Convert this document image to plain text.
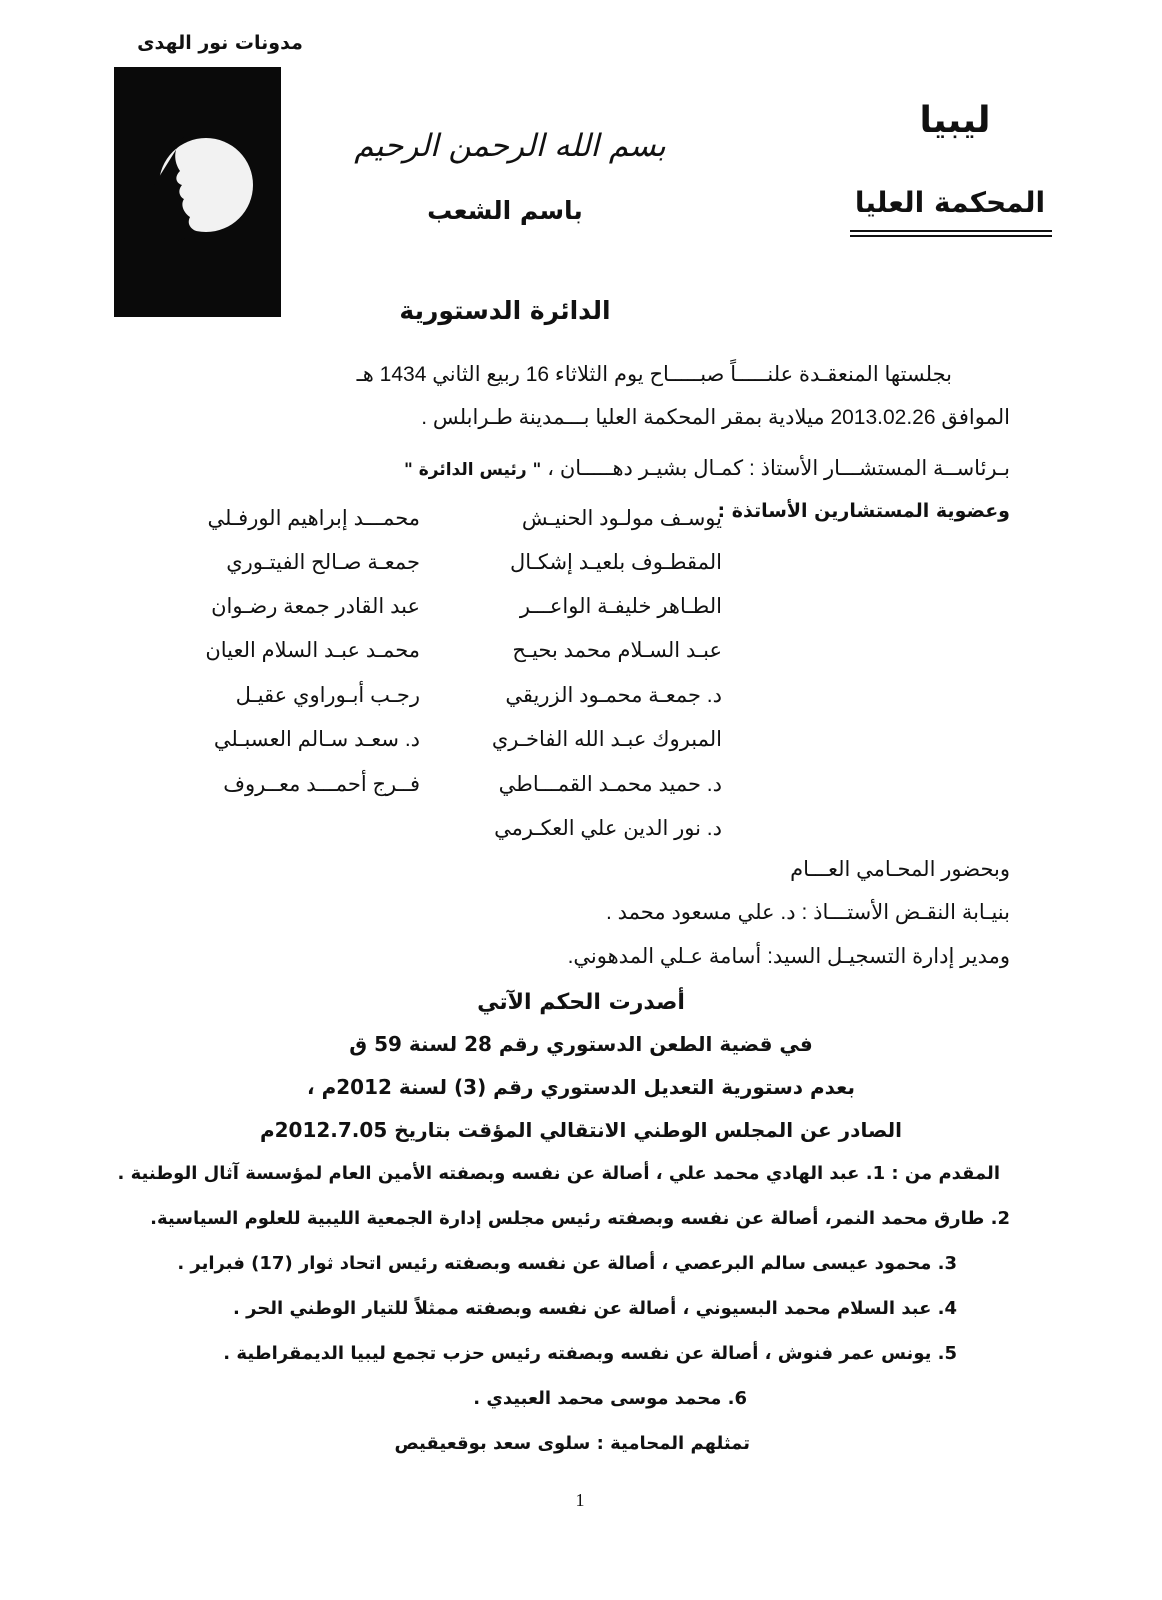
مدونات نور الهدى
بسم الله الرحمن الرحيم
باسم الشعب
ليبيا
المحكمة العليا
الدائرة الدستورية
بجلستها المنعقـدة علنـــــاً صبـــــاح يوم الثلاثاء 16 ربيع الثاني 1434 هـ
الموافق 2013.02.26 ميلادية بمقر المحكمة العليا بـــمدينة طـرابلس .
بـرئاســة المستشـــار الأستاذ : كمـال بشيـر دهـــــان ، " رئيس الدائرة "
وعضوية المستشارين الأساتذة :
يوسـف مولـود الحنيـش
المقطـوف بلعيـد إشكـال
الطـاهر خليفـة الواعـــر
عبـد السـلام محمد بحيـح
د. جمعـة محمـود الزريقي
المبروك عبـد الله الفاخـري
د. حميد محمـد القمـــاطي
د. نور الدين علي العكـرمي
محمـــد إبراهيم الورفـلي
جمعـة صـالح الفيتـوري
عبد القادر جمعة رضـوان
محمـد عبـد السلام العيان
رجـب أبـوراوي عقيـل
د. سعـد سـالم العسبـلي
فــرج أحمـــد معــروف
وبحضور المحـامي العـــام
بنيـابة النقـض الأستـــاذ : د. علي مسعود محمد .
ومدير إدارة التسجيـل السيد: أسامة عـلي المدهوني.
أصدرت الحكم الآتي
في قضية الطعن الدستوري رقم 28 لسنة 59 ق
بعدم دستورية التعديل الدستوري رقم (3) لسنة 2012م ،
الصادر عن المجلس الوطني الانتقالي المؤقت بتاريخ 2012.7.05م
المقدم من : 1. عبد الهادي محمد علي ، أصالة عن نفسه وبصفته الأمين العام لمؤسسة آثال الوطنية .
2. طارق محمد النمر، أصالة عن نفسه وبصفته رئيس مجلس إدارة الجمعية الليبية للعلوم السياسية.
3. محمود عيسى سالم البرعصي ، أصالة عن نفسه وبصفته رئيس اتحاد ثوار (17) فبراير .
4. عبد السلام محمد البسيوني ، أصالة عن نفسه وبصفته ممثلاً للتيار الوطني الحر .
5. يونس عمر فنوش ، أصالة عن نفسه وبصفته رئيس حزب تجمع ليبيا الديمقراطية .
6. محمد موسى محمد العبيدي .
تمثلهم المحامية : سلوى سعد بوقعيقيص
1
